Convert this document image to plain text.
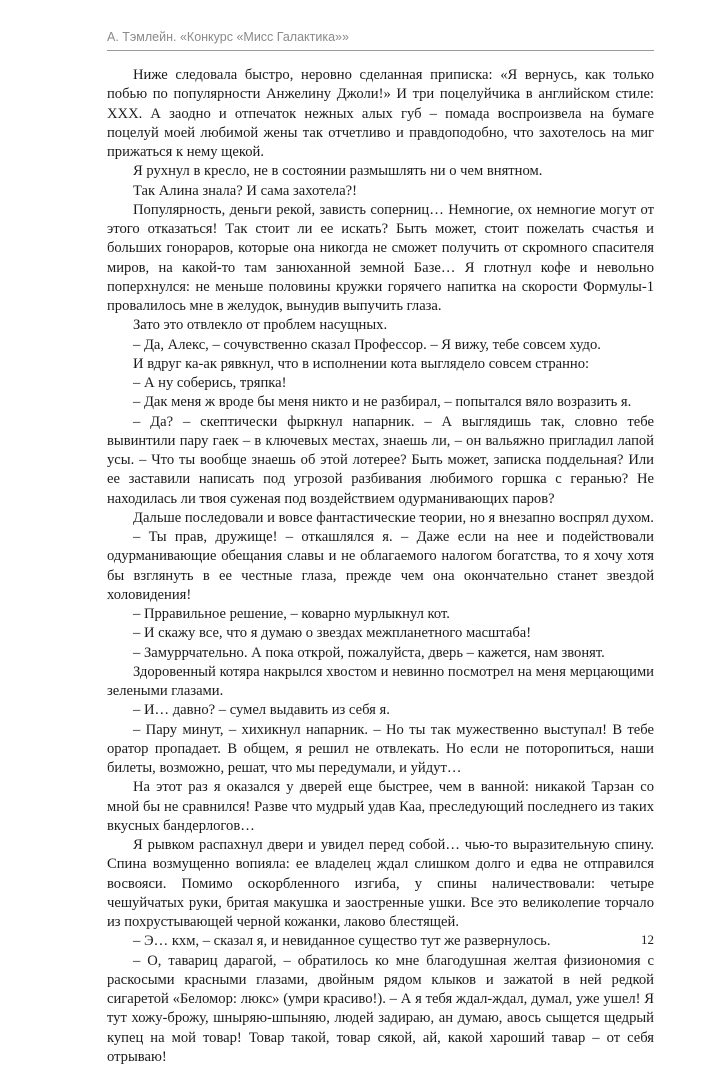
А. Тэмлейн. «Конкурс «Мисс Галактика»»

Ниже следовала быстро, неровно сделанная приписка: «Я вернусь, как только побью по популярности Анжелину Джоли!» И три поцелуйчика в английском стиле: XXX. А заодно и отпечаток нежных алых губ – помада воспроизвела на бумаге поцелуй моей любимой жены так отчетливо и правдоподобно, что захотелось на миг прижаться к нему щекой.

Я рухнул в кресло, не в состоянии размышлять ни о чем внятном.

Так Алина знала? И сама захотела?!

Популярность, деньги рекой, зависть соперниц… Немногие, ох немногие могут от этого отказаться! Так стоит ли ее искать? Быть может, стоит пожелать счастья и больших гонораров, которые она никогда не сможет получить от скромного спасителя миров, на какой-то там занюханной земной Базе… Я глотнул кофе и невольно поперхнулся: не меньше половины кружки горячего напитка на скорости Формулы-1 провалилось мне в желудок, вынудив выпучить глаза.

Зато это отвлекло от проблем насущных.

– Да, Алекс, – сочувственно сказал Профессор. – Я вижу, тебе совсем худо.

И вдруг ка-ак рявкнул, что в исполнении кота выглядело совсем странно:

– А ну соберись, тряпка!

– Дак меня ж вроде бы меня никто и не разбирал, – попытался вяло возразить я.

– Да? – скептически фыркнул напарник. – А выглядишь так, словно тебе вывинтили пару гаек – в ключевых местах, знаешь ли, – он вальяжно пригладил лапой усы. – Что ты вообще знаешь об этой лотерее? Быть может, записка поддельная? Или ее заставили написать под угрозой разбивания любимого горшка с геранью? Не находилась ли твоя суженая под воздействием одурманивающих паров?

Дальше последовали и вовсе фантастические теории, но я внезапно воспрял духом.

– Ты прав, дружище! – откашлялся я. – Даже если на нее и подействовали одурманивающие обещания славы и не облагаемого налогом богатства, то я хочу хотя бы взглянуть в ее честные глаза, прежде чем она окончательно станет звездой холовидения!

– Прравильное решение, – коварно мурлыкнул кот.

– И скажу все, что я думаю о звездах межпланетного масштаба!

– Замуррчательно. А пока открой, пожалуйста, дверь – кажется, нам звонят.

Здоровенный котяра накрылся хвостом и невинно посмотрел на меня мерцающими зелеными глазами.

– И… давно? – сумел выдавить из себя я.

– Пару минут, – хихикнул напарник. – Но ты так мужественно выступал! В тебе оратор пропадает. В общем, я решил не отвлекать. Но если не поторопиться, наши билеты, возможно, решат, что мы передумали, и уйдут…

На этот раз я оказался у дверей еще быстрее, чем в ванной: никакой Тарзан со мной бы не сравнился! Разве что мудрый удав Каа, преследующий последнего из таких вкусных бандерлогов…

Я рывком распахнул двери и увидел перед собой… чью-то выразительную спину. Спина возмущенно вопияла: ее владелец ждал слишком долго и едва не отправился восвояси. Помимо оскорбленного изгиба, у спины наличествовали: четыре чешуйчатых руки, бритая макушка и заостренные ушки. Все это великолепие торчало из похрустывающей черной кожанки, лаково блестящей.

– Э… кхм, – сказал я, и невиданное существо тут же развернулось.

– О, тавариц дарагой, – обратилось ко мне благодушная желтая физиономия с раскосыми красными глазами, двойным рядом клыков и зажатой в ней редкой сигаретой «Беломор: люкс» (умри красиво!). – А я тебя ждал-ждал, думал, уже ушел! Я тут хожу-брожу, шныряю-шпыняю, людей задираю, ан думаю, авось сыщется щедрый купец на мой товар! Товар такой, товар сякой, ай, какой хароший тавар – от себя отрываю!

12
